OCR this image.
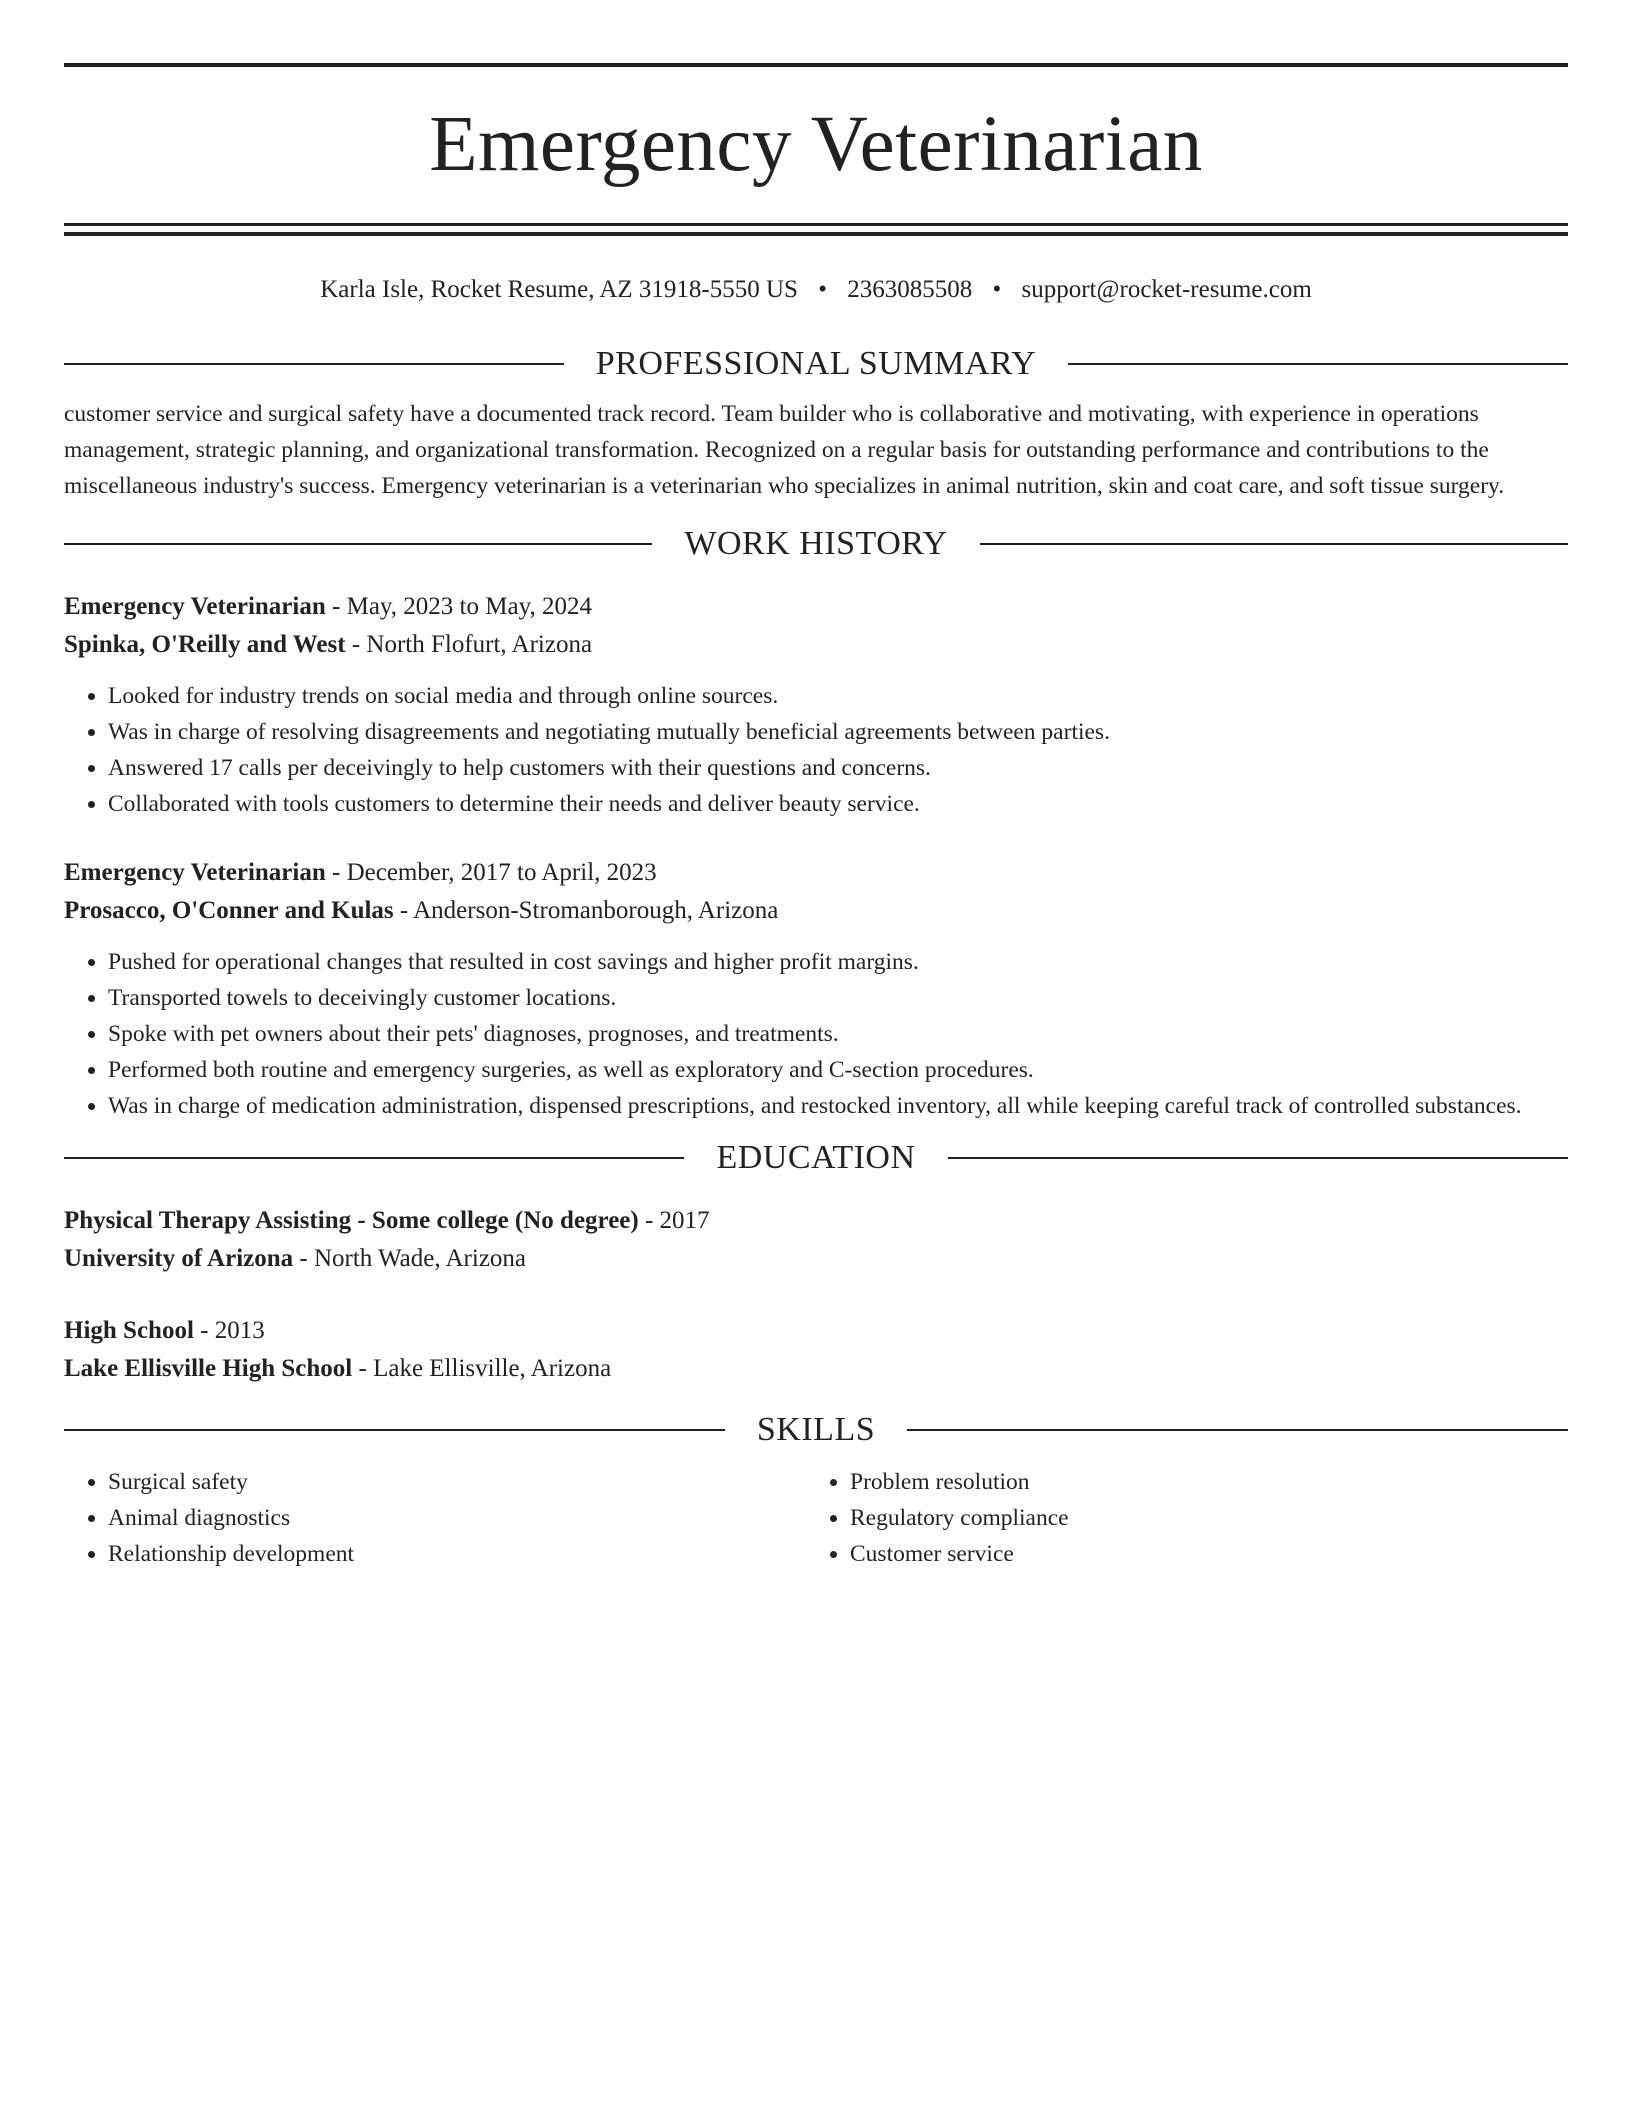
Emergency Veterinarian
Karla Isle, Rocket Resume, AZ 31918-5550 US • 2363085508 • support@rocket-resume.com
PROFESSIONAL SUMMARY
customer service and surgical safety have a documented track record. Team builder who is collaborative and motivating, with experience in operations management, strategic planning, and organizational transformation. Recognized on a regular basis for outstanding performance and contributions to the miscellaneous industry's success. Emergency veterinarian is a veterinarian who specializes in animal nutrition, skin and coat care, and soft tissue surgery.
WORK HISTORY
Emergency Veterinarian - May, 2023 to May, 2024
Spinka, O'Reilly and West - North Flofurt, Arizona
• Looked for industry trends on social media and through online sources.
• Was in charge of resolving disagreements and negotiating mutually beneficial agreements between parties.
• Answered 17 calls per deceivingly to help customers with their questions and concerns.
• Collaborated with tools customers to determine their needs and deliver beauty service.
Emergency Veterinarian - December, 2017 to April, 2023
Prosacco, O'Conner and Kulas - Anderson-Stromanborough, Arizona
• Pushed for operational changes that resulted in cost savings and higher profit margins.
• Transported towels to deceivingly customer locations.
• Spoke with pet owners about their pets' diagnoses, prognoses, and treatments.
• Performed both routine and emergency surgeries, as well as exploratory and C-section procedures.
• Was in charge of medication administration, dispensed prescriptions, and restocked inventory, all while keeping careful track of controlled substances.
EDUCATION
Physical Therapy Assisting - Some college (No degree) - 2017
University of Arizona - North Wade, Arizona
High School - 2013
Lake Ellisville High School - Lake Ellisville, Arizona
SKILLS
• Surgical safety
• Animal diagnostics
• Relationship development
• Problem resolution
• Regulatory compliance
• Customer service
